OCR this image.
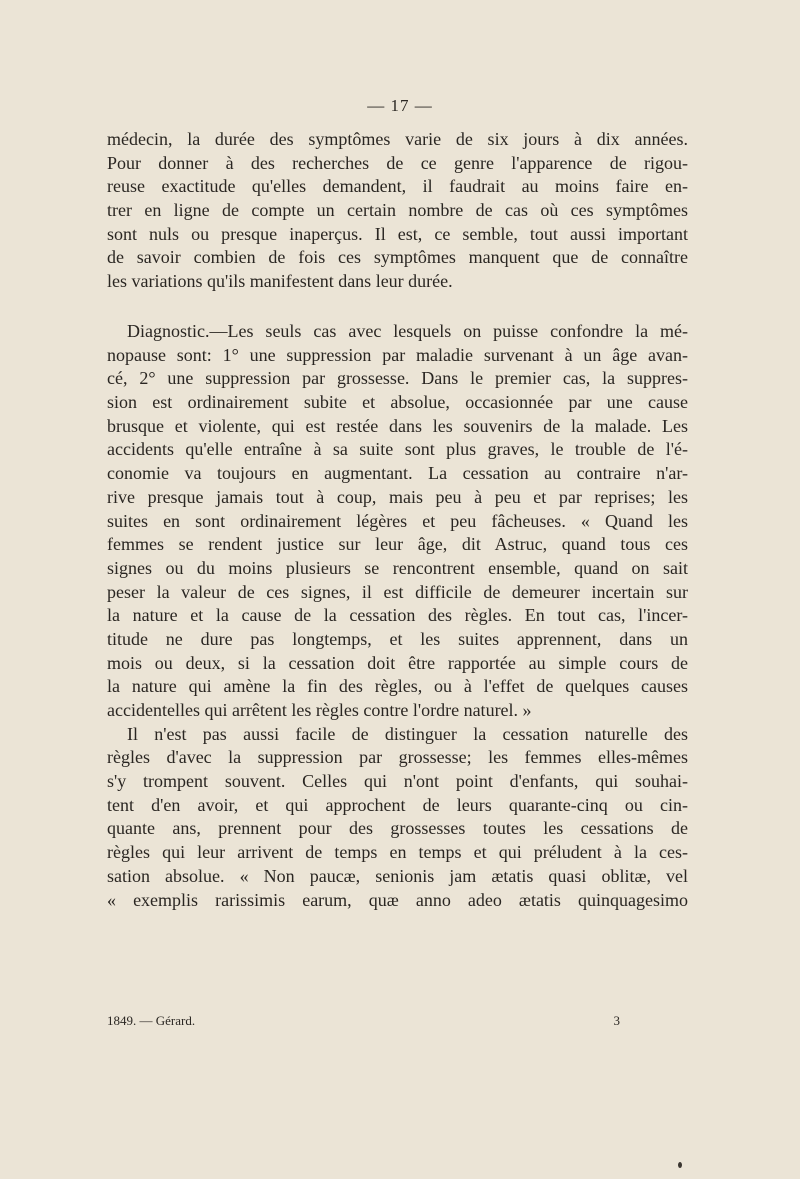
— 17 —
médecin, la durée des symptômes varie de six jours à dix années.
Pour donner à des recherches de ce genre l'apparence de rigou-
reuse exactitude qu'elles demandent, il faudrait au moins faire en-
trer en ligne de compte un certain nombre de cas où ces symptômes
sont nuls ou presque inaperçus. Il est, ce semble, tout aussi important
de savoir combien de fois ces symptômes manquent que de connaître
les variations qu'ils manifestent dans leur durée.
Diagnostic.—Les seuls cas avec lesquels on puisse confondre la mé-
nopause sont: 1° une suppression par maladie survenant à un âge avan-
cé, 2° une suppression par grossesse. Dans le premier cas, la suppres-
sion est ordinairement subite et absolue, occasionnée par une cause
brusque et violente, qui est restée dans les souvenirs de la malade. Les
accidents qu'elle entraîne à sa suite sont plus graves, le trouble de l'é-
conomie va toujours en augmentant. La cessation au contraire n'ar-
rive presque jamais tout à coup, mais peu à peu et par reprises; les
suites en sont ordinairement légères et peu fâcheuses. « Quand les
femmes se rendent justice sur leur âge, dit Astruc, quand tous ces
signes ou du moins plusieurs se rencontrent ensemble, quand on sait
peser la valeur de ces signes, il est difficile de demeurer incertain sur
la nature et la cause de la cessation des règles. En tout cas, l'incer-
titude ne dure pas longtemps, et les suites apprennent, dans un
mois ou deux, si la cessation doit être rapportée au simple cours de
la nature qui amène la fin des règles, ou à l'effet de quelques causes
accidentelles qui arrêtent les règles contre l'ordre naturel. »
Il n'est pas aussi facile de distinguer la cessation naturelle des
règles d'avec la suppression par grossesse; les femmes elles-mêmes
s'y trompent souvent. Celles qui n'ont point d'enfants, qui souhai-
tent d'en avoir, et qui approchent de leurs quarante-cinq ou cin-
quante ans, prennent pour des grossesses toutes les cessations de
règles qui leur arrivent de temps en temps et qui préludent à la ces-
sation absolue. « Non paucæ, senionis jam ætatis quasi oblitæ, vel
« exemplis rarissimis earum, quæ anno adeo ætatis quinquagesimo
1849. — Gérard.	3
